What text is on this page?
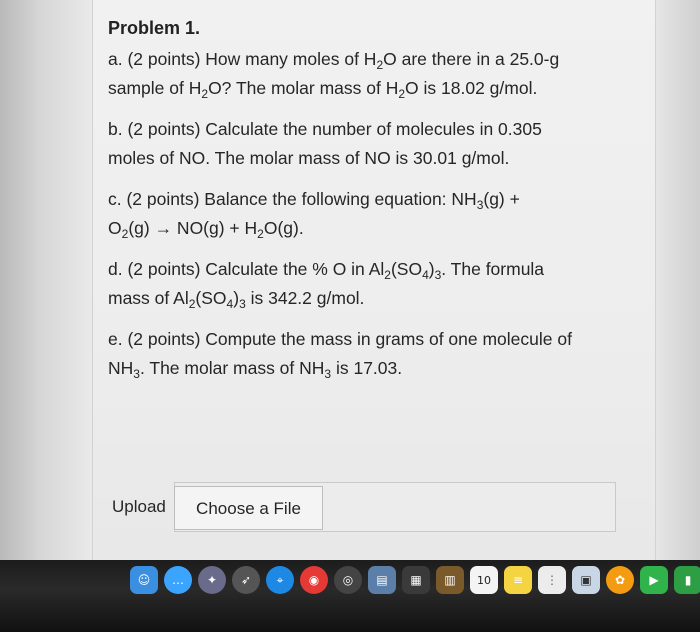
Problem 1.
a. (2 points) How many moles of $H_2O$ are there in a 25.0-g
sample of $H_2O$? The molar mass of $H_2O$ is 18.02 g/mol.
b. (2 points) Calculate the number of molecules in 0.305
moles of NO. The molar mass of NO is 30.01 g/mol.
c. (2 points) Balance the following equation: $NH_3(g)$ +
$O_2(g) \to NO(g) + H_2O(g)$.
d. (2 points) Calculate the % O in $Al_2(SO_4)_3$. The formula
mass of $Al_2(SO_4)_3$ is 342.2 g/mol.
e. (2 points) Compute the mass in grams of one molecule of
$NH_3$. The molar mass of $NH_3$ is 17.03.
Upload	Choose a File
☺	…	✦	➶	⌖	◉	◎	▤	▦	▥	10	≡	⋮	▣	✿	▶	▮
